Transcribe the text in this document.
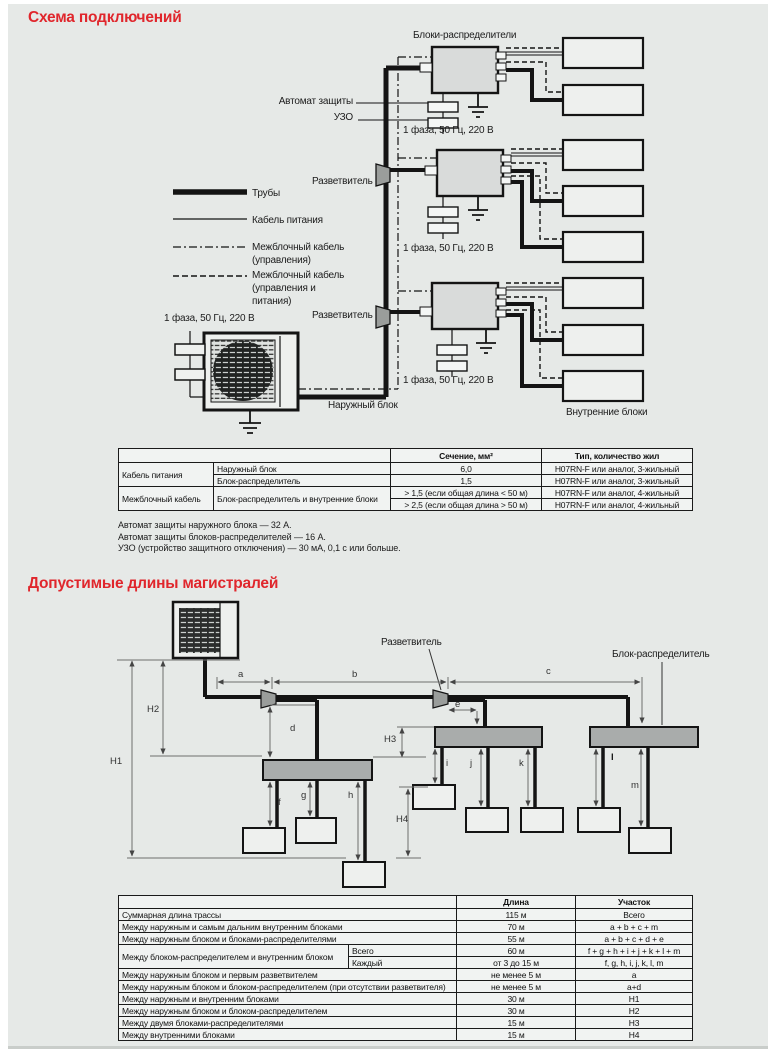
Схема подключений
Допустимые длины магистралей
Блоки-распределители
Автомат защиты
УЗО
1 фаза, 50 Гц, 220 В
1 фаза, 50 Гц, 220 В
1 фаза, 50 Гц, 220 В
1 фаза, 50 Гц, 220 В
Разветвитель
Разветвитель
Наружный блок
Внутренние блоки
Трубы
Кабель питания
Межблочный кабель
(управления)
Межблочный кабель
(управления и
питания)
		Сечение, мм²	Тип, количество жил
Кабель питания	Наружный блок	6,0	H07RN-F или аналог, 3-жильный
	Блок-распределитель	1,5	H07RN-F или аналог, 3-жильный
Межблочный кабель	Блок-распределитель и внутренние блоки	> 1,5 (если общая длина < 50 м)	H07RN-F или аналог, 4-жильный
		> 2,5 (если общая длина > 50 м)	H07RN-F или аналог, 4-жильный
Автомат защиты наружного блока — 32 А.
Автомат защиты блоков-распределителей — 16 А.
УЗО (устройство защитного отключения) — 30 мА, 0,1 с или больше.
Разветвитель
Блок-распределитель
a	b	c
d
e
f
g	h
i j	k
l
m
H1
H2
H3
H4
		Длина	Участок
Суммарная длина трассы		115 м	Всего
Между наружным и самым дальним внутренним блоками		70 м	a + b + c + m
Между наружным блоком и блоками-распределителями		55 м	a + b + c + d + e
Между блоком-распределителем и внутренним блоком	Всего	60 м	f + g + h + i + j + k + l + m
	Каждый	от 3 до 15 м	f, g, h, i, j, k, l, m
Между наружным блоком и первым разветвителем		не менее 5 м	a
Между наружным блоком и блоком-распределителем (при отсутствии разветвителя)		не менее 5 м	a+d
Между наружным и внутренним блоками		30 м	H1
Между наружным блоком и блоком-распределителем		30 м	H2
Между двумя блоками-распределителями		15 м	H3
Между внутренними блоками		15 м	H4
